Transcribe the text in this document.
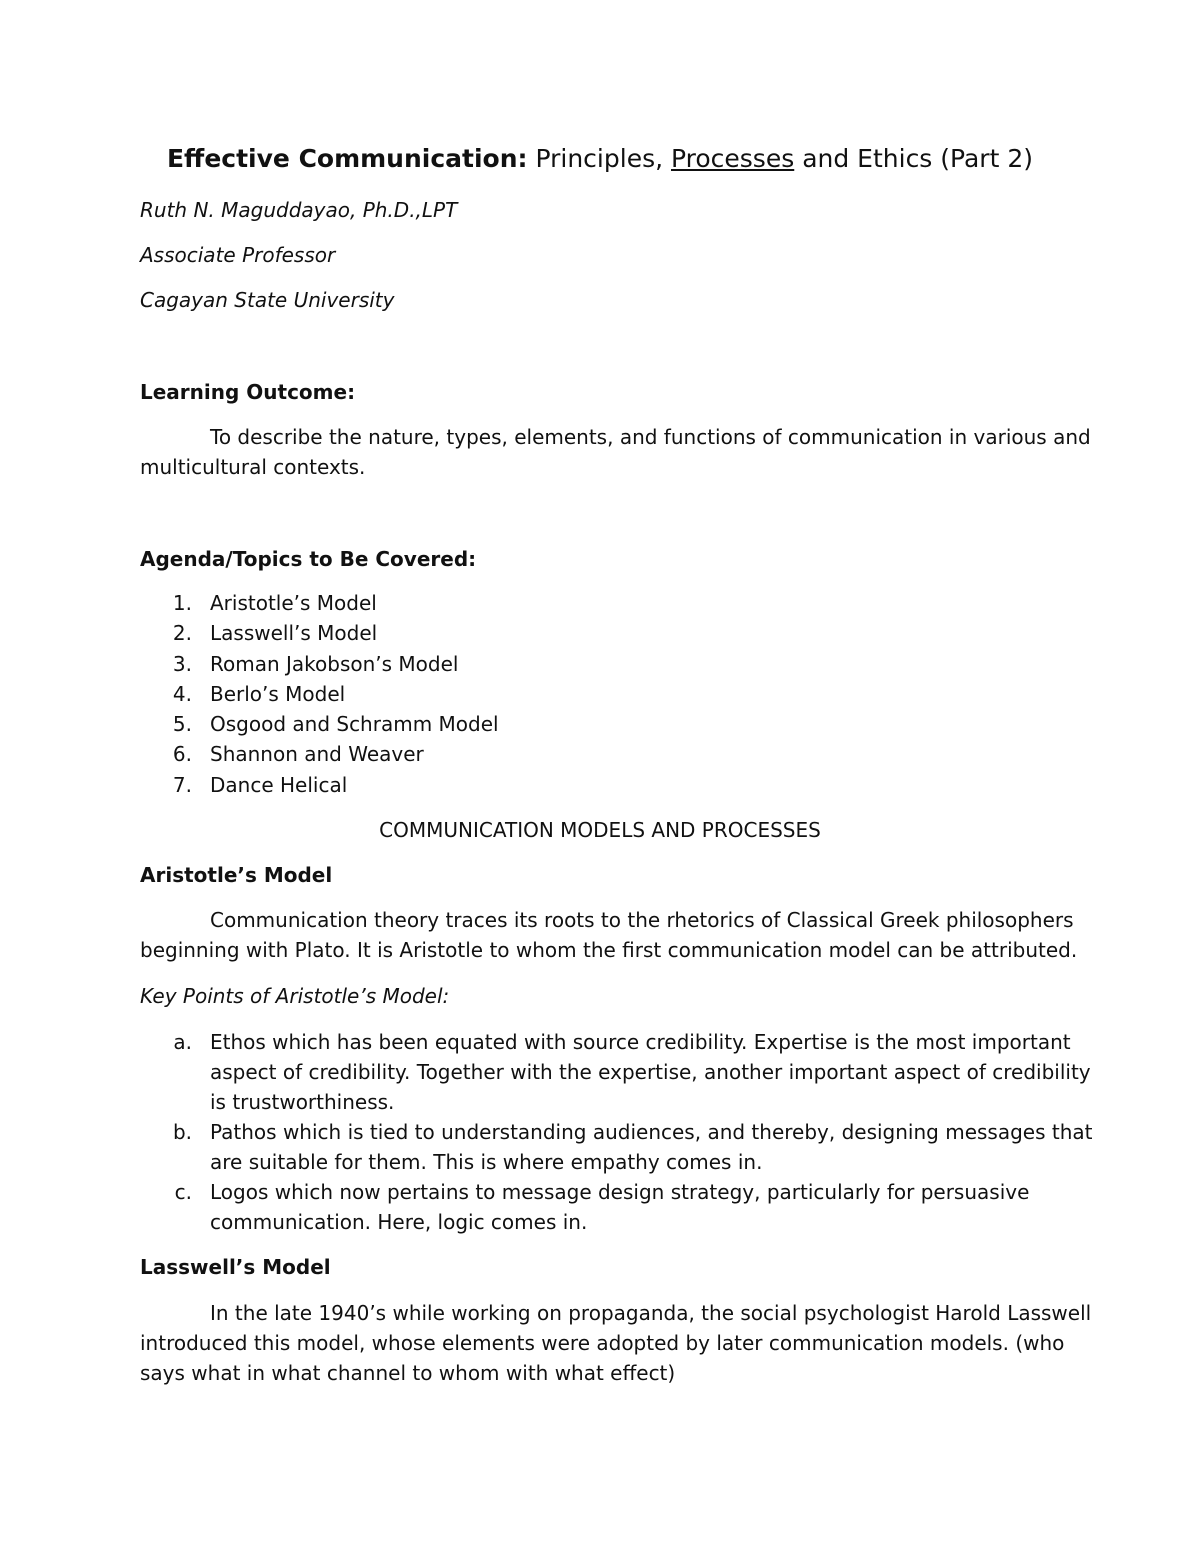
Effective Communication: Principles, Processes and Ethics (Part 2)
Ruth N. Maguddayao, Ph.D.,LPT
Associate Professor
Cagayan State University
Learning Outcome:
To describe the nature, types, elements, and functions of communication in various and
multicultural contexts.
Agenda/Topics to Be Covered:
1. Aristotle’s Model
2. Lasswell’s Model
3. Roman Jakobson’s Model
4. Berlo’s Model
5. Osgood and Schramm Model
6. Shannon and Weaver
7. Dance Helical
COMMUNICATION MODELS AND PROCESSES
Aristotle’s Model
Communication theory traces its roots to the rhetorics of Classical Greek philosophers
beginning with Plato. It is Aristotle to whom the first communication model can be attributed.
Key Points of Aristotle’s Model:
a. Ethos which has been equated with source credibility. Expertise is the most important
aspect of credibility. Together with the expertise, another important aspect of credibility
is trustworthiness.
b. Pathos which is tied to understanding audiences, and thereby, designing messages that
are suitable for them. This is where empathy comes in.
c. Logos which now pertains to message design strategy, particularly for persuasive
communication. Here, logic comes in.
Lasswell’s Model
In the late 1940’s while working on propaganda, the social psychologist Harold Lasswell
introduced this model, whose elements were adopted by later communication models. (who
says what in what channel to whom with what effect)
